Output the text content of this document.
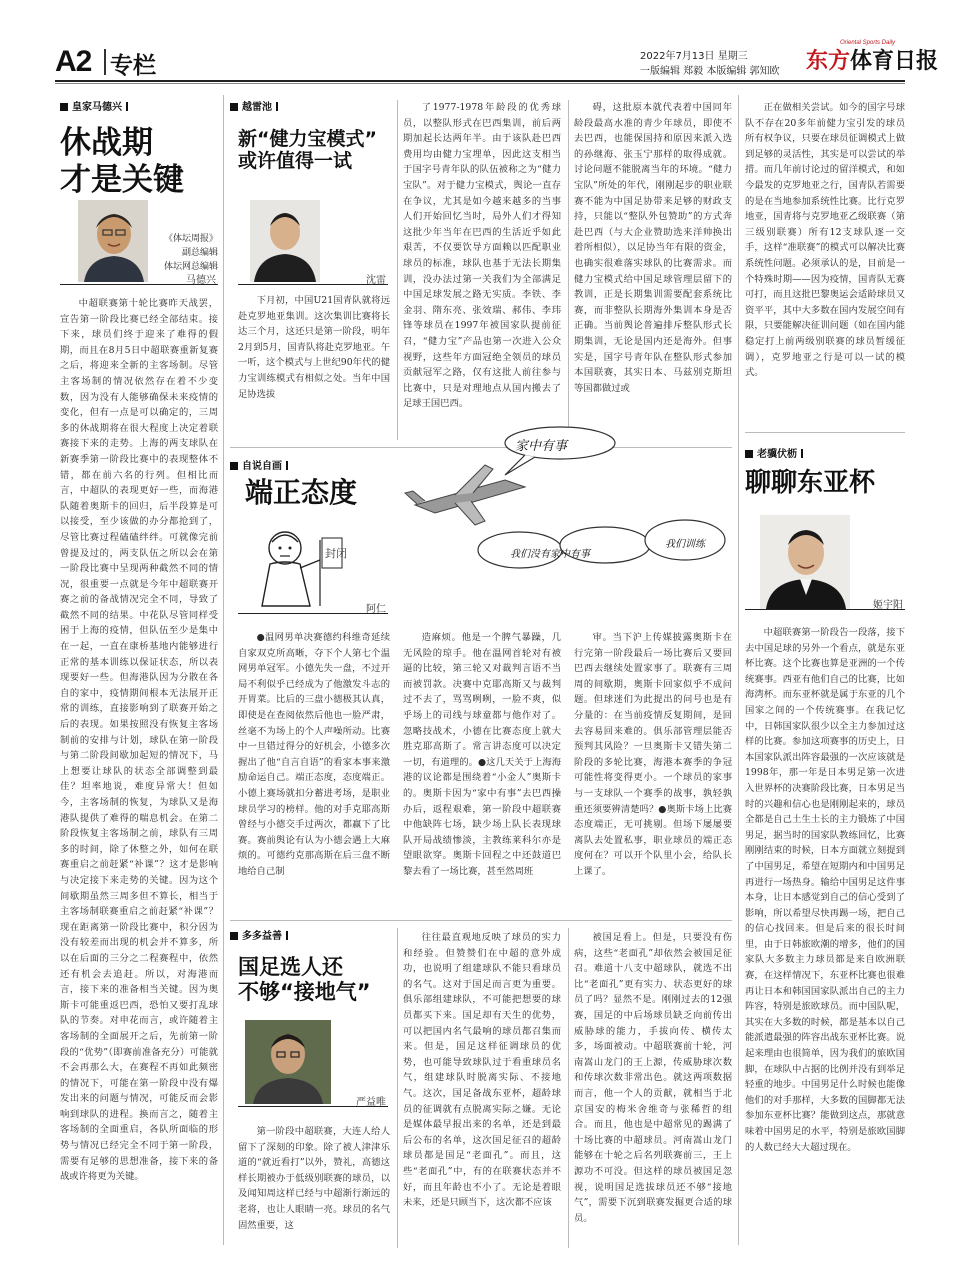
A2 专栏	2022年7月13日 星期三
一版编辑 郑毅 本版编辑 郭知欧
Oriental Sports Daily
东方体育日报
皇家马德兴
休战期
才是关键
《体坛周报》
副总编辑
体坛网总编辑
马德兴

中超联赛第十轮比赛昨天战罢，宣告第一阶段比赛已经全部结束。接下来，球员们终于迎来了难得的假期，而且在8月5日中超联赛重新复赛之后，将迎来全新的主客场制。尽管主客场制的情况依然存在着不少变数，因为没有人能够确保未来疫情的变化，但有一点是可以确定的，三周多的休战期将在很大程度上决定着联赛接下来的走势。上海的两支球队在新赛季第一阶段比赛中的表现整体不错，都在前六名的行列。但相比而言，中超队的表现更好一些，而海港队随着奥斯卡的回归，后半段算是可以接受，至少该做的办分都抢到了，尽管比赛过程磕磕绊绊。可就像完前曾提及过的，两支队伍之所以会在第一阶段比赛中呈现两种截然不同的情况，很重要一点就是今年中超联赛开赛之前的备战情况完全不同，导致了截然不同的结果。中花队尽管同样受困于上海的疫情，但队伍至少是集中在一起，一直在康桥基地内能够进行正常的基本训练以保证状态，所以表现要好一些。但海港队因为分散在各自的家中，疫情期间根本无法展开正常的训练，直接影响到了联赛开始之后的表现。如果按照没有恢复主客场制前的安排与计划，球队在第一阶段与第二阶段间歇加起短的情况下，马上想要让球队的状态全部调整到最佳？坦率地说，难度异常大！但如今，主客场制的恢复，为球队又是海港队提供了难得的喘息机会。在第二阶段恢复主客场制之前，球队有三周多的时间，除了休整之外，如何在联赛重启之前赶紧“补课”？这才是影响与决定接下来走势的关键。因为这个间歇期虽然三周多但不算长，相当于主客场制联赛重启之前赶紧“补课”？现在距离第一阶段比赛中，积分因为没有较差而出现的机会并不算多，所以在后面的三分之二程赛程中，依然还有机会去追赶。所以，对海港而言，接下来的准备相当关键。因为奥斯卡可能重返巴西，恐怕又要打乱球队的节奏。对申花而言，或许随着主客场制的全面展开之后，先前第一阶段的“优势”（即赛前准备充分）可能就不会再那么大，在赛程不再如此频密的情况下，可能在第一阶段中没有爆发出来的问题与情况，可能反而会影响到球队的进程。换而言之，随着主客场制的全面重启，各队所面临的形势与情况已经完全不同于第一阶段，需要有足够的思想准备，接下来的备战或许将更为关键。

越雷池
新“健力宝模式”
或许值得一试
沈雷

下月初，中国U21国青队就将远赴克罗地亚集训。这次集训比赛将长达三个月，这还只是第一阶段，明年2月到5月，国青队将赴克罗地亚。午一听，这个模式与上世纪90年代的健力宝训练模式有相似之处。当年中国足协选拔

了1977-1978年龄段的优秀球员，以整队形式在巴西集训，前后两期加起长达两年半。由于该队赴巴西费用均由健力宝埋单，因此这支相当于国字号青年队的队伍被称之为“健力宝队”。对于健力宝模式，舆论一直存在争议，尤其是如今越来越多的当事人们开始回忆当时，局外人们才得知这批少年当年在巴西的生活近乎如此艰苦，不仅要饮导方面赖以匹配职业球员的标准，球队也基于无法长期集训，没办法过第一关我们为全部满足中国足球发展之路无实质。李铁、李金羽、隋东亮、张效瑞、郝伟、李玮锋等球员在1997年被国家队提前征召，“健力宝”产品也第一次进入公众视野，这些年方面冠绝全领员的球员贡献冠军之路，仅有这批人前往参与比赛中，只是对理地点从国内搬去了足球王国巴西。

碍，这批原本就代表着中国同年龄段最高水准的青少年球员，即使不去巴西，也能保国持和原因来派入选的孙继海、张玉宁那样的取得成就。讨论问题不能脱离当年的环境。“健力宝队”所处的年代，刚刚起步的职业联赛不能为中国足协带来足够的财政支持，只能以“整队外包赞助”的方式奔赴巴西（与大企业赞助选来洋帅换出着所相似），以足协当年有限的资金，也确实很难落实球队的比赛需求。而健力宝模式给中国足球管理层留下的教训，正是长期集训需要配套系统比赛，而非整队长期海外集训本身是否正确。当前舆论普遍排斥整队形式长期集训，无论是国内还是海外。但事实是，国字号青年队在整队形式参加本国联赛，其实日本、马兹别克斯坦等国都做过或

正在做相关尝试。如今的国字号球队不存在20多年前健力宝引发的球员所有权争议，只要在球员征调模式上做到足够的灵活性，其实是可以尝试的举措。而几年前讨论过的留洋模式，和如今最发的克罗地亚之行，国青队若需要的是在当地参加系统性比赛。比行克罗地亚，国青将与克罗地亚乙级联赛（第三级别联赛）所有12支球队逐一交手，这样“准联赛”的模式可以解决比赛系统性问题。必须承认的是，目前是一个特殊时期——因为疫情，国青队无赛可打，而且这批巴黎奥运会适龄球员又资平平，其中大多数在国内发展空间有限，只要能解决征训问题（如在国内能稳定打上前两级别联赛的球员暂缓征调），克罗地亚之行是可以一试的模式。

自说自画
端正态度
封闭
家中有事
我们没有家中有事
我们训练
阿仁

●温网男单决赛德约科维奇延续自家双克所高晰，夺下个人第七个温网男单冠军。小德先失一盘，不过开局不利似乎已经成为了他激发斗志的开胃菜。比后的三盘小德极其认真，即使是在查阅依然后他也一脸严肃，丝毫不为场上的个人声噪所动。比赛中一旦错过得分的好机会，小德多次握出了他“自言自语”的看家本事来激励命运自己。端正态度，态度端正。小德上赛场就扣分蓄进考场，是职业球员学习的榜样。他的对手克耶高斯曾经与小德交手过两次，都赢下了比赛。赛前舆论有认为小德会遇上大麻烦的。可德约克那高斯在后三盘不断地给自己制

造麻烦。他是一个脾气暴躁，几无风险的琼手。他在温网首轮对有被逼的比较，第三轮又对裁判言语不当而被罚款。决赛中克耶高斯又与裁判过不去了，骂骂咧咧，一脸不爽，似乎场上的司线与球童都与他作对了。忽略技战术，小德在比赛态度上就大胜克耶高斯了。常言讲态度可以决定一切，有道理的。●这几天关于上海海港的议论都是围绕着“小金人”奥斯卡的。奥斯卡因为“家中有事”去巴西操办后，返程艰难，第一阶段中超联赛中他缺阵七场，缺少场上队长表现球队开局战绩惨淡，主教练莱科尔亦是望眼欲穿。奥斯卡回程之中还鼓道巴黎去看了一场比赛，甚至然周班

审。当下沪上传媒披露奥斯卡在行完第一阶段最后一场比赛后又要回巴西去继续处置家事了。联赛有三周周的间歇期，奥斯卡回家似乎不成问题。但球迷们为此提出的问号也是有分量的：在当前疫情反复期间，是回去容易回来难的。俱乐部管理层能否预判其风险？一旦奥斯卡又错失第二阶段的多轮比赛，海港本赛季的争冠可能性将变得更小。一个球员的家事与一支球队一个赛季的战事，孰轻孰重还须要辨清楚吗？●奥斯卡场上比赛态度端正，无可挑剔。但场下屡屡要离队去处置私事，职业球员的端正态度何在？可以开个队里小会，给队长上课了。

多多益善
国足选人还
不够“接地气”
严益唯

第一阶段中超联赛，大连人给人留下了深刻的印象。除了被人津津乐道的“就近看打”以外，赞礼，高德这样长期被办于低级别联赛的球员，以及闻知周这样已经与中超渐行渐远的老将，也让人眼睛一亮。球员的名气固然重要，这

往往最直观地反映了球员的实力和经验。但赞赞们在中超的意外成功，也说明了组建球队不能只看球员的名气。这对于国足而言更为重要。俱乐部组建球队，不可能把想要的球员都买下来。国足却有天生的优势，可以把国内名气最响的球员都召集而来。但是，国足这样征调球员的优势，也可能导致球队过于看重球员名气，组建球队时脱离实际、不接地气。这次，国足备战东亚杯，超龄球员的征调就有点脱离实际之嫌。无论是媒体最早报出来的名单，还是到最后公布的名单，这次国足征召的超龄球员都是国足“老面孔”。而且，这些“老面孔”中，有的在联赛状态并不好，而且年龄也不小了。无论是着眼未来，还是只顾当下，这次都不应该

被国足看上。但是，只要没有伤病，这些“老面孔”却依然会被国足征召。难道十八支中超球队，就选不出比“老面孔”更有实力、状态更好的球员了吗？显然不是。刚刚过去的12强赛，国足的中后场球员缺乏向前传出威胁球的能力，手拔向传、横传太多，场面被动。中超联赛前十轮，河南嵩山龙门的王上源，传威胁球次数和传球次数非常出色。就这两项数据而言，他一个人的贡献，就相当于北京国安的梅米舍维奇与张稀哲的组合。而且，他也是中超常见的踢满了十场比赛的中超球员。河南嵩山龙门能够在十轮之后名列联赛前三，王上源功不可没。但这样的球员被国足忽视，说明国足选拔球员还不够“接地气”，需要下沉到联赛发掘更合适的球员。

老骥伏枥
聊聊东亚杯
姬宇阳

中超联赛第一阶段告一段落，接下去中国足球的另外一个看点，就是东亚杯比赛。这个比赛也算是亚洲的一个传统赛事。西亚有他们自己的比赛，比如海湾杯。而东亚杯就是属于东亚的几个国家之间的一个传统赛事。在我记忆中，日韩国家队很少以全主力参加过这样的比赛。参加这项赛事的历史上，日本国家队派出阵容最强的一次应该就是1998年，那一年是日本男足第一次进入世界杯的决赛阶段比赛，日本男足当时的兴趣和信心也是刚刚起来的，球员全都是自己土生土长的主力锻炼了中国男足，据当时的国家队教练回忆，比赛刚刚结束的时候，日本方面就立刻提到了中国男足，希望在短期内和中国男足再进行一场热身。输给中国男足这件事本身，让日本感觉到自己的信心受到了影响，所以希望尽快再踢一场，把自己的信心找回来。但是后来的很长时间里，由于日韩旅欧潮的增多，他们的国家队大多数主力球员都是来自欧洲联赛，在这样情况下，东亚杯比赛也很难再让日本和韩国国家队派出自己的主力阵容，特别是旅欧球员。而中国队呢，其实在大多数的时候，都是基本以自己能派遣最强的阵容出战东亚杯比赛。说起来理由也很简单，因为我们的旅欧国脚，在球队中占据的比例并没有到举足轻重的地步。中国男足什么时候也能像他们的对手那样，大多数的国脚都无法参加东亚杯比赛？能做到这点，那就意味着中国男足的水平，特别是旅欧国脚的人数已经大大超过现在。
